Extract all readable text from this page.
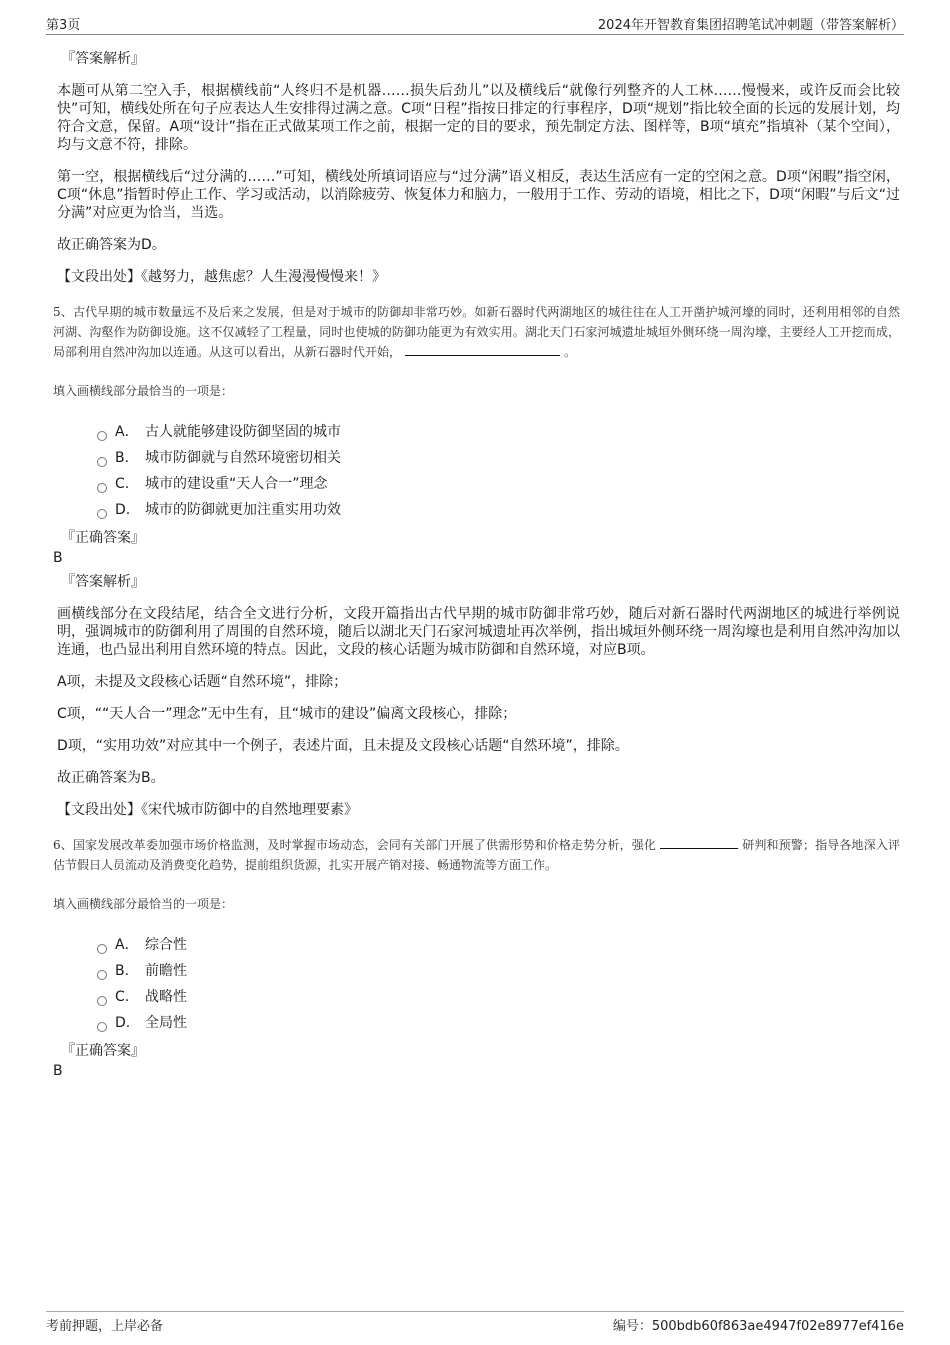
第3页	2024年开智教育集团招聘笔试冲刺题（带答案解析）
『答案解析』

本题可从第二空入手，根据横线前“人终归不是机器……损失后劲儿”以及横线后“就像行列整齐的人工林……慢慢来，或许反而会比较快”可知，横线处所在句子应表达人生安排得过满之意。C项“日程”指按日排定的行事程序，D项“规划”指比较全面的长远的发展计划，均符合文意，保留。A项“设计”指在正式做某项工作之前，根据一定的目的要求，预先制定方法、图样等，B项“填充”指填补（某个空间），均与文意不符，排除。

第一空，根据横线后“过分满的……”可知，横线处所填词语应与“过分满”语义相反，表达生活应有一定的空闲之意。D项“闲暇”指空闲，C项“休息”指暂时停止工作、学习或活动，以消除疲劳、恢复体力和脑力，一般用于工作、劳动的语境，相比之下，D项“闲暇”与后文“过分满”对应更为恰当，当选。

故正确答案为D。

【文段出处】《越努力，越焦虑？人生漫漫慢慢来！》

5、古代早期的城市数量远不及后来之发展，但是对于城市的防御却非常巧妙。如新石器时代两湖地区的城往往在人工开凿护城河壕的同时，还利用相邻的自然河湖、沟壑作为防御设施。这不仅减轻了工程量，同时也使城的防御功能更为有效实用。湖北天门石家河城遗址城垣外侧环绕一周沟壕，主要经人工开挖而成，局部利用自然冲沟加以连通。从这可以看出，从新石器时代开始，	。

填入画横线部分最恰当的一项是：
A． 古人就能够建设防御坚固的城市
B.	城市防御就与自然环境密切相关
C.	城市的建设重“天人合一”理念
D.	城市的防御就更加注重实用功效
『正确答案』
B
『答案解析』

画横线部分在文段结尾，结合全文进行分析，文段开篇指出古代早期的城市防御非常巧妙，随后对新石器时代两湖地区的城进行举例说明，强调城市的防御利用了周围的自然环境，随后以湖北天门石家河城遗址再次举例，指出城垣外侧环绕一周沟壕也是利用自然冲沟加以连通，也凸显出利用自然环境的特点。因此，文段的核心话题为城市防御和自然环境，对应B项。

A项，未提及文段核心话题“自然环境”，排除；

C项，““天人合一”理念”无中生有，且“城市的建设”偏离文段核心，排除；

D项，“实用功效”对应其中一个例子，表述片面，且未提及文段核心话题“自然环境”，排除。

故正确答案为B。

【文段出处】《宋代城市防御中的自然地理要素》

6、国家发展改革委加强市场价格监测，及时掌握市场动态，会同有关部门开展了供需形势和价格走势分析，强化	研判和预警；指导各地深入评估节假日人员流动及消费变化趋势，提前组织货源，扎实开展产销对接、畅通物流等方面工作。

填入画横线部分最恰当的一项是：
A． 综合性
B.	前瞻性
C.	战略性
D.	全局性
『正确答案』
B
考前押题，上岸必备	编号：500bdb60f863ae4947f02e8977ef416e
